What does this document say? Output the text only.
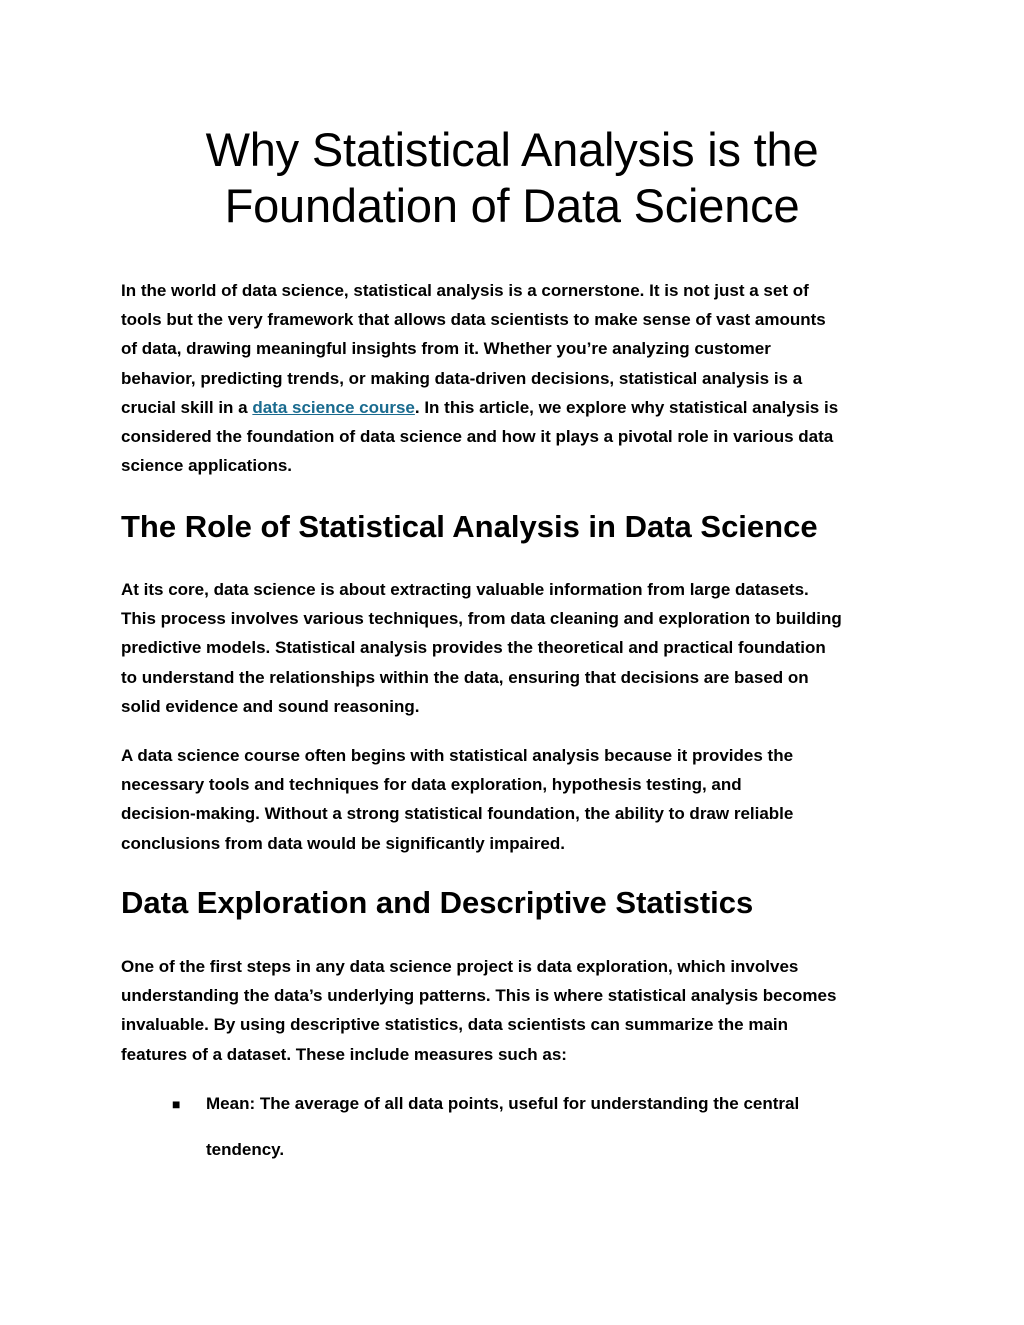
Why Statistical Analysis is the
Foundation of Data Science

In the world of data science, statistical analysis is a cornerstone. It is not just a set of
tools but the very framework that allows data scientists to make sense of vast amounts
of data, drawing meaningful insights from it. Whether you’re analyzing customer
behavior, predicting trends, or making data-driven decisions, statistical analysis is a
crucial skill in a data science course. In this article, we explore why statistical analysis is
considered the foundation of data science and how it plays a pivotal role in various data
science applications.

The Role of Statistical Analysis in Data Science

At its core, data science is about extracting valuable information from large datasets.
This process involves various techniques, from data cleaning and exploration to building
predictive models. Statistical analysis provides the theoretical and practical foundation
to understand the relationships within the data, ensuring that decisions are based on
solid evidence and sound reasoning.

A data science course often begins with statistical analysis because it provides the
necessary tools and techniques for data exploration, hypothesis testing, and
decision-making. Without a strong statistical foundation, the ability to draw reliable
conclusions from data would be significantly impaired.

Data Exploration and Descriptive Statistics

One of the first steps in any data science project is data exploration, which involves
understanding the data’s underlying patterns. This is where statistical analysis becomes
invaluable. By using descriptive statistics, data scientists can summarize the main
features of a dataset. These include measures such as:

■ Mean: The average of all data points, useful for understanding the central
tendency.
